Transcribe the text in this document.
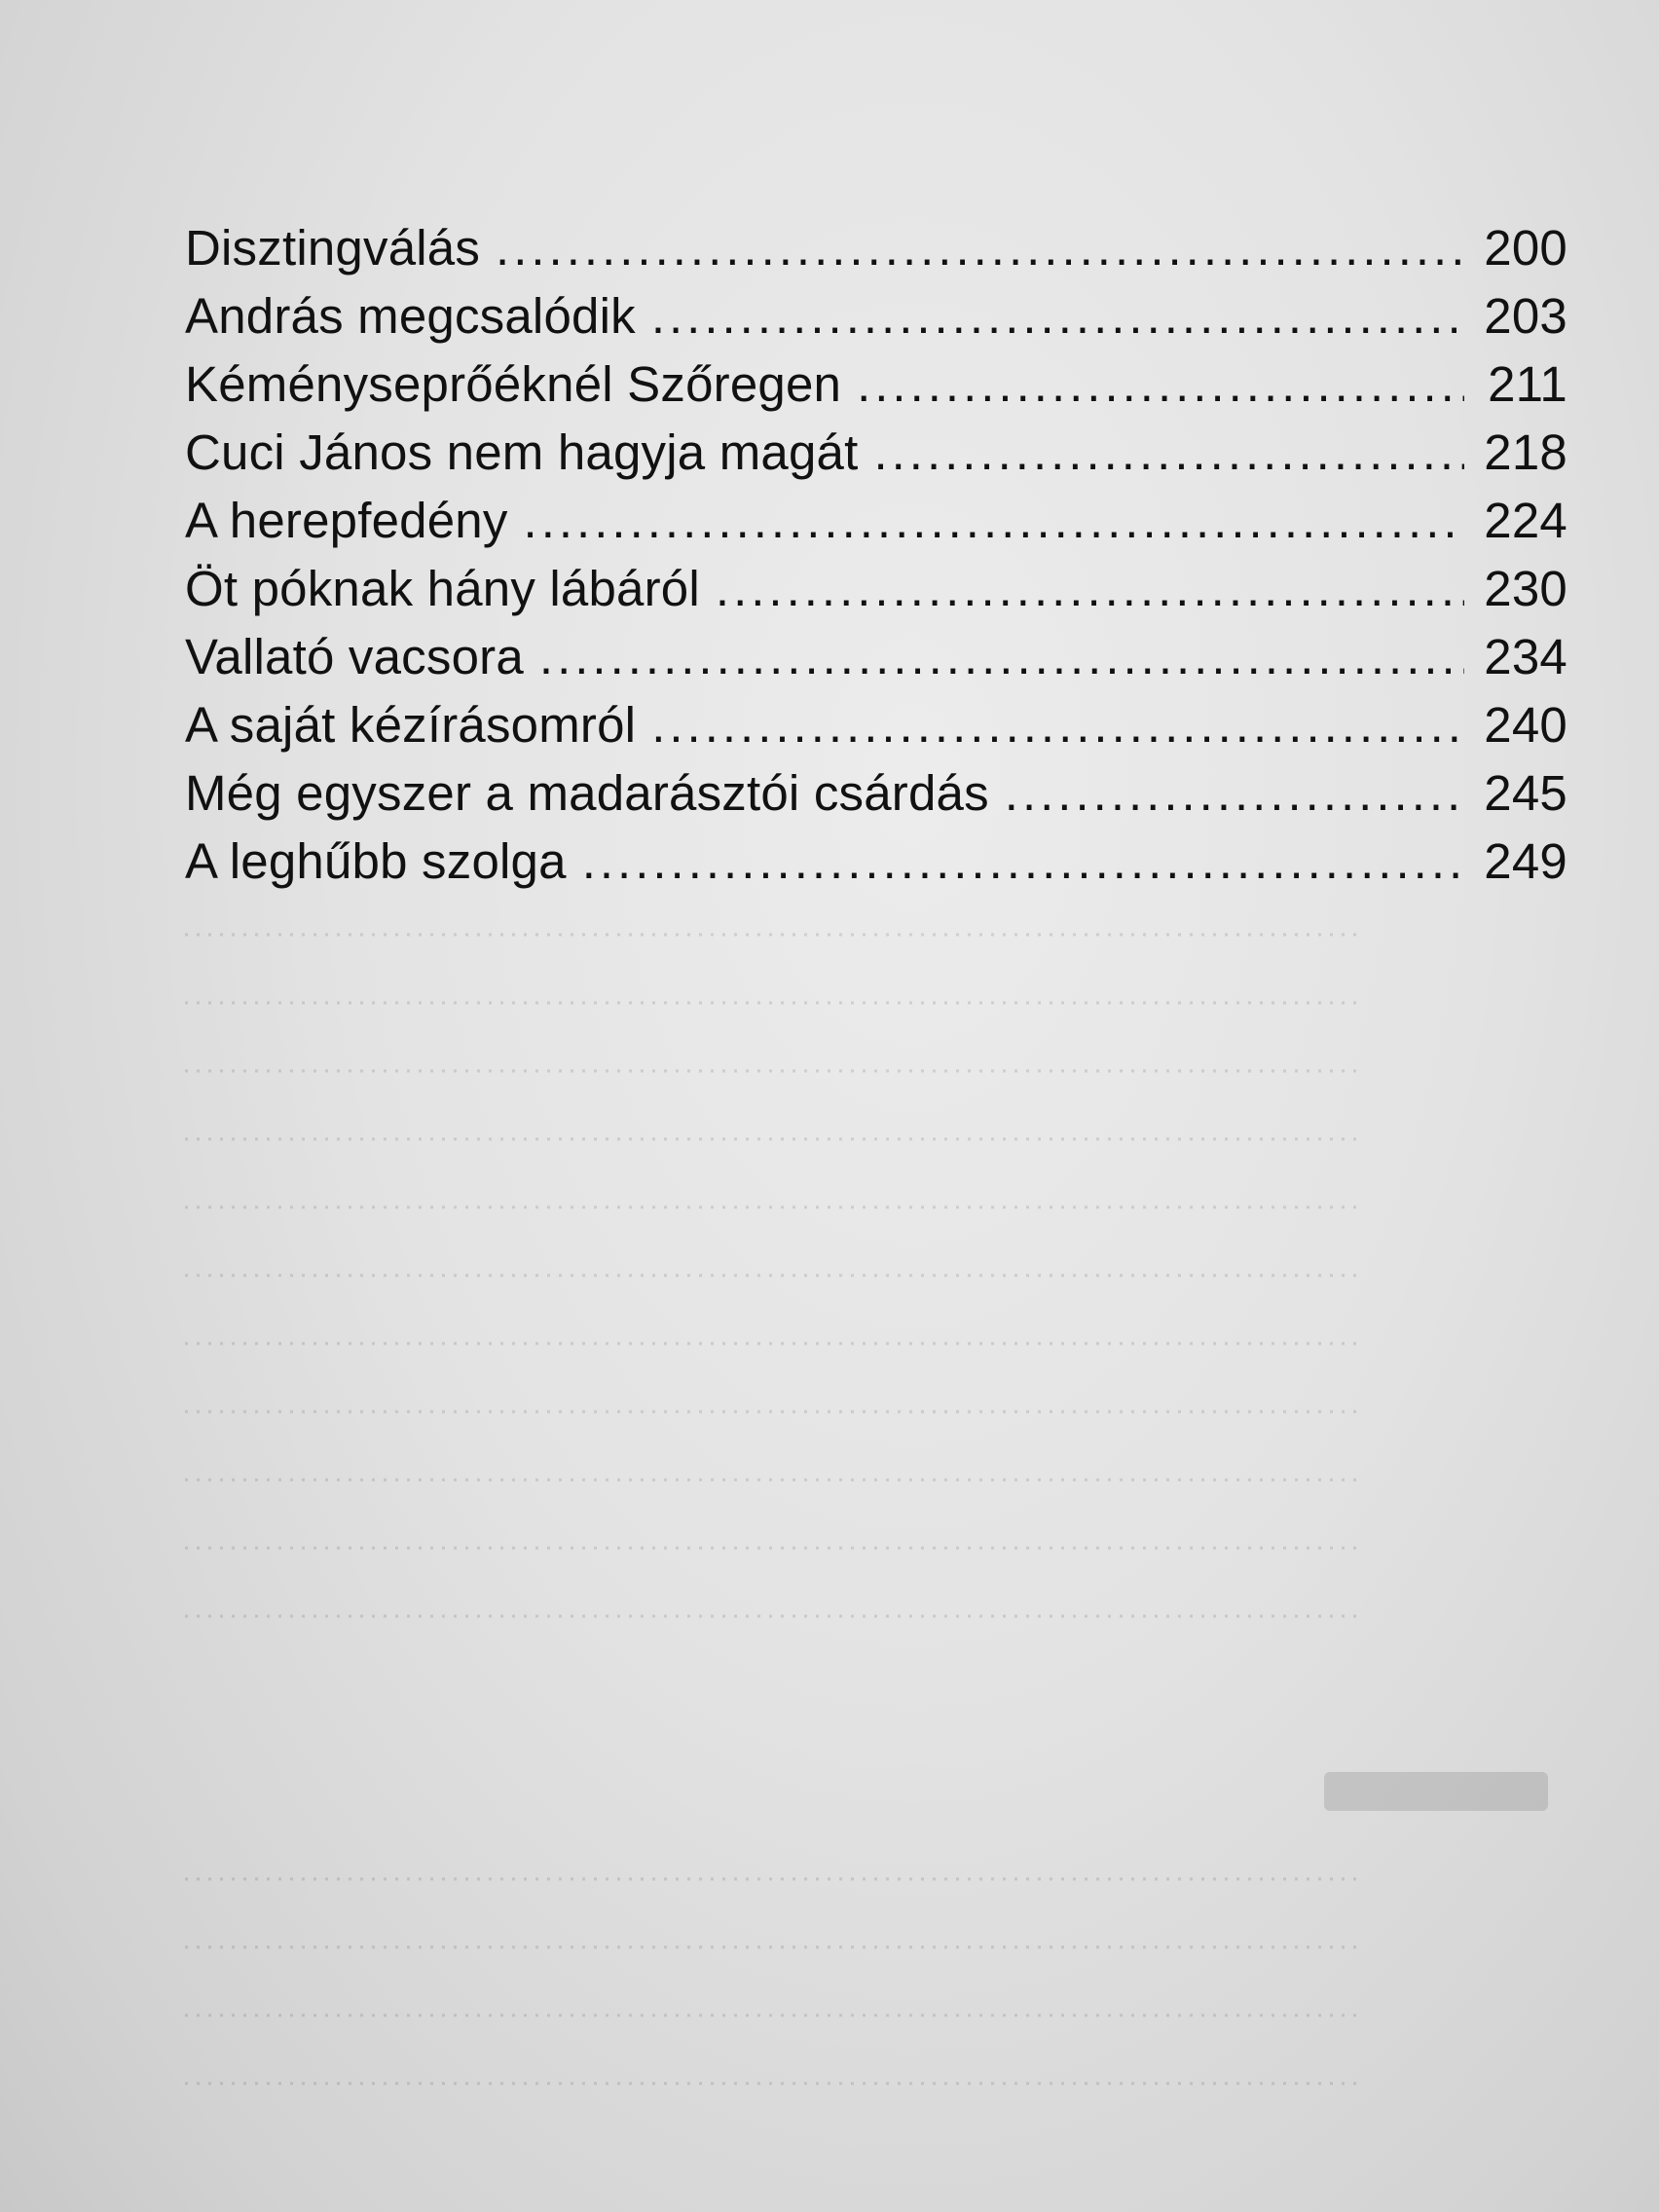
Disztingválás .....	200
András megcsalódik .....	203
Kéményseprőéknél Szőregen .....	211
Cuci János nem hagyja magát .....	218
A herepfedény .....	224
Öt póknak hány lábáról .....	230
Vallató vacsora .....	234
A saját kézírásomról .....	240
Még egyszer a madarásztói csárdás .....	245
A leghűbb szolga .....	249
